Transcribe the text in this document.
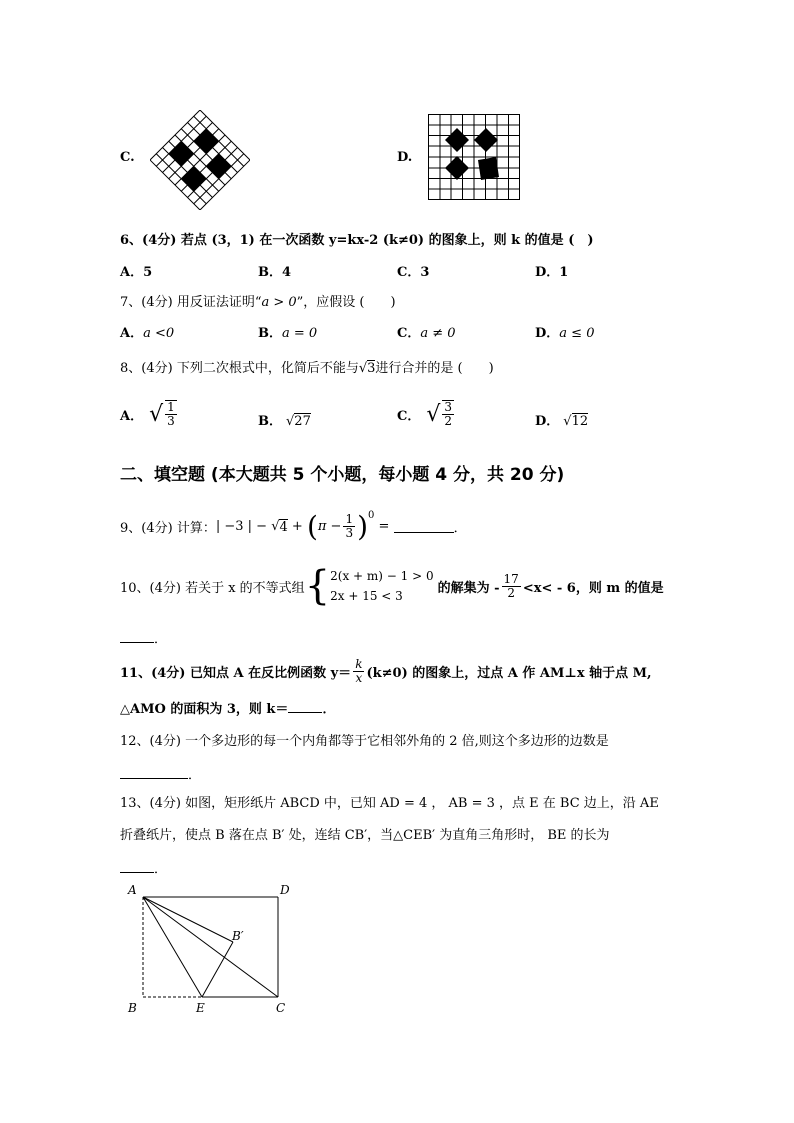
C.	D.
6、(4分) 若点 (3，1) 在一次函数 y=kx-2 (k≠0) 的图象上，则 k 的值是 (　)
A．5	B．4	C．3	D．1
7、(4分) 用反证法证明“a > 0”，应假设 (　　)
A．a <0	B．a = 0	C．a ≠ 0	D．a ≤ 0
8、(4分) 下列二次根式中，化简后不能与√3进行合并的是 (　　)
A． √ $\frac{1}{3}$	B． √27	C． √ $\frac{3}{2}$	D． √12
二、填空题 (本大题共 5 个小题，每小题 4 分，共 20 分)
9、(4分) 计算： | −3 | − √ 4 + ( $\pi - \frac{1}{3} )^0$
=	．
10、(4分) 若关于 x 的不等式组 { 2(x + m) − 1 > 0
2x + 15 < 3
的解集为 - $\frac{17}{2} <x< - 6$，则 m 的值是
．
11、(4分) 已知点 A 在反比例函数 $y= \frac{k}{x} (k\ne 0)$ 的图象上，过点 A 作 AM⊥x 轴于点 M,
△AMO 的面积为 3，则 k＝	．
12、(4分) 一个多边形的每一个内角都等于它相邻外角的 2 倍,则这个多边形的边数是
．
13、(4分) 如图，矩形纸片 ABCD 中，已知 AD = 4 ， AB = 3 ，点 E 在 BC 边上，沿 AE
折叠纸片，使点 B 落在点 B′ 处，连结 CB′，当△CEB′ 为直角三角形时， BE 的长为
．
A	D
B′
B	E	C
